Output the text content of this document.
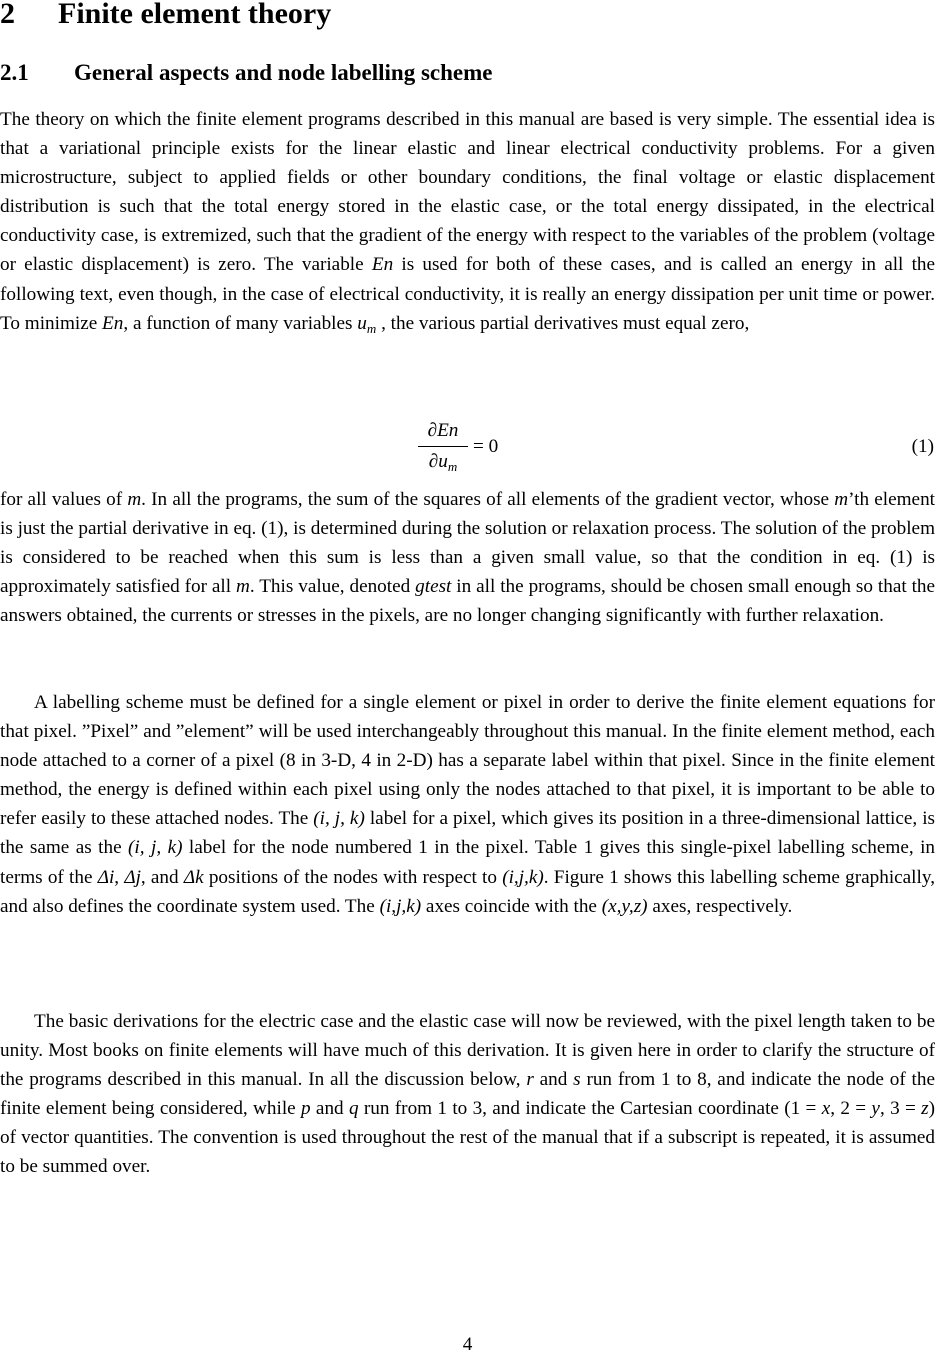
2 Finite element theory
2.1 General aspects and node labelling scheme

The theory on which the finite element programs described in this manual are based is very simple. The essential idea is that a variational principle exists for the linear elastic and linear electrical conductivity problems. For a given microstructure, subject to applied fields or other boundary conditions, the final voltage or elastic displacement distribution is such that the total energy stored in the elastic case, or the total energy dissipated, in the electrical conductivity case, is extremized, such that the gradient of the energy with respect to the variables of the problem (voltage or elastic displacement) is zero. The variable En is used for both of these cases, and is called an energy in all the following text, even though, in the case of electrical conductivity, it is really an energy dissipation per unit time or power. To minimize En, a function of many variables $u_m$ , the various partial derivatives must equal zero,

∂En
$\partial u_m$
= 0	(1)

for all values of m. In all the programs, the sum of the squares of all elements of the gradient vector, whose m’th element is just the partial derivative in eq. (1), is determined during the solution or relaxation process. The solution of the problem is considered to be reached when this sum is less than a given small value, so that the condition in eq. (1) is approximately satisfied for all m. This value, denoted gtest in all the programs, should be chosen small enough so that the answers obtained, the currents or stresses in the pixels, are no longer changing significantly with further relaxation.

A labelling scheme must be defined for a single element or pixel in order to derive the finite element equations for that pixel. ”Pixel” and ”element” will be used interchangeably throughout this manual. In the finite element method, each node attached to a corner of a pixel (8 in 3-D, 4 in 2-D) has a separate label within that pixel. Since in the finite element method, the energy is defined within each pixel using only the nodes attached to that pixel, it is important to be able to refer easily to these attached nodes. The (i, j, k) label for a pixel, which gives its position in a three-dimensional lattice, is the same as the (i, j, k) label for the node numbered 1 in the pixel. Table 1 gives this single-pixel labelling scheme, in terms of the Δi, Δj, and Δk positions of the nodes with respect to (i,j,k). Figure 1 shows this labelling scheme graphically, and also defines the coordinate system used. The (i,j,k) axes coincide with the (x,y,z) axes, respectively.

The basic derivations for the electric case and the elastic case will now be reviewed, with the pixel length taken to be unity. Most books on finite elements will have much of this derivation. It is given here in order to clarify the structure of the programs described in this manual. In all the discussion below, r and s run from 1 to 8, and indicate the node of the finite element being considered, while p and q run from 1 to 3, and indicate the Cartesian coordinate (1 = x, 2 = y, 3 = z) of vector quantities. The convention is used throughout the rest of the manual that if a subscript is repeated, it is assumed to be summed over.

4
